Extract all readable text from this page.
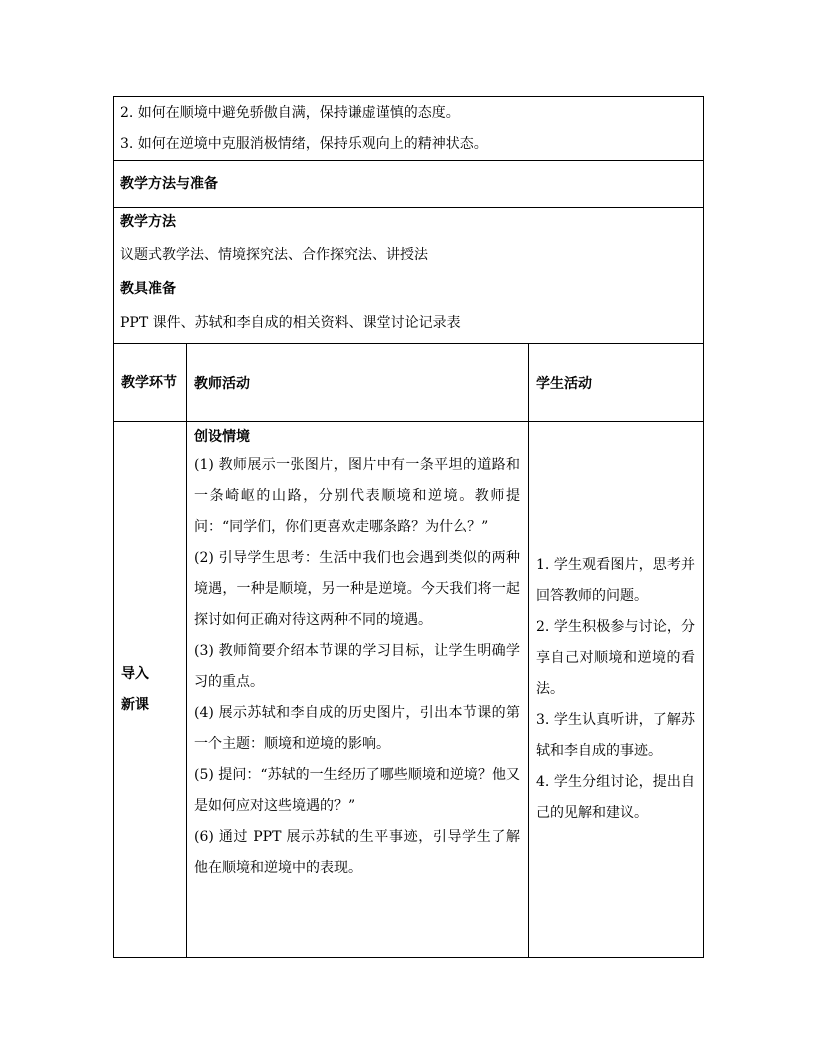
2. 如何在顺境中避免骄傲自满，保持谦虚谨慎的态度。
3. 如何在逆境中克服消极情绪，保持乐观向上的精神状态。
教学方法与准备
教学方法
议题式教学法、情境探究法、合作探究法、讲授法
教具准备
PPT 课件、苏轼和李自成的相关资料、课堂讨论记录表
教学环节	教师活动	学生活动
导入
新课
创设情境

(1) 教师展示一张图片，图片中有一条平坦的道路和一条崎岖的山路，分别代表顺境和逆境。教师提问：“同学们，你们更喜欢走哪条路？为什么？”

(2) 引导学生思考：生活中我们也会遇到类似的两种境遇，一种是顺境，另一种是逆境。今天我们将一起探讨如何正确对待这两种不同的境遇。

(3) 教师简要介绍本节课的学习目标，让学生明确学习的重点。

(4) 展示苏轼和李自成的历史图片，引出本节课的第一个主题：顺境和逆境的影响。

(5) 提问：“苏轼的一生经历了哪些顺境和逆境？他又是如何应对这些境遇的？”

(6) 通过 PPT 展示苏轼的生平事迹，引导学生了解他在顺境和逆境中的表现。

1. 学生观看图片，思考并回答教师的问题。

2. 学生积极参与讨论，分享自己对顺境和逆境的看法。

3. 学生认真听讲，了解苏轼和李自成的事迹。

4. 学生分组讨论，提出自己的见解和建议。
